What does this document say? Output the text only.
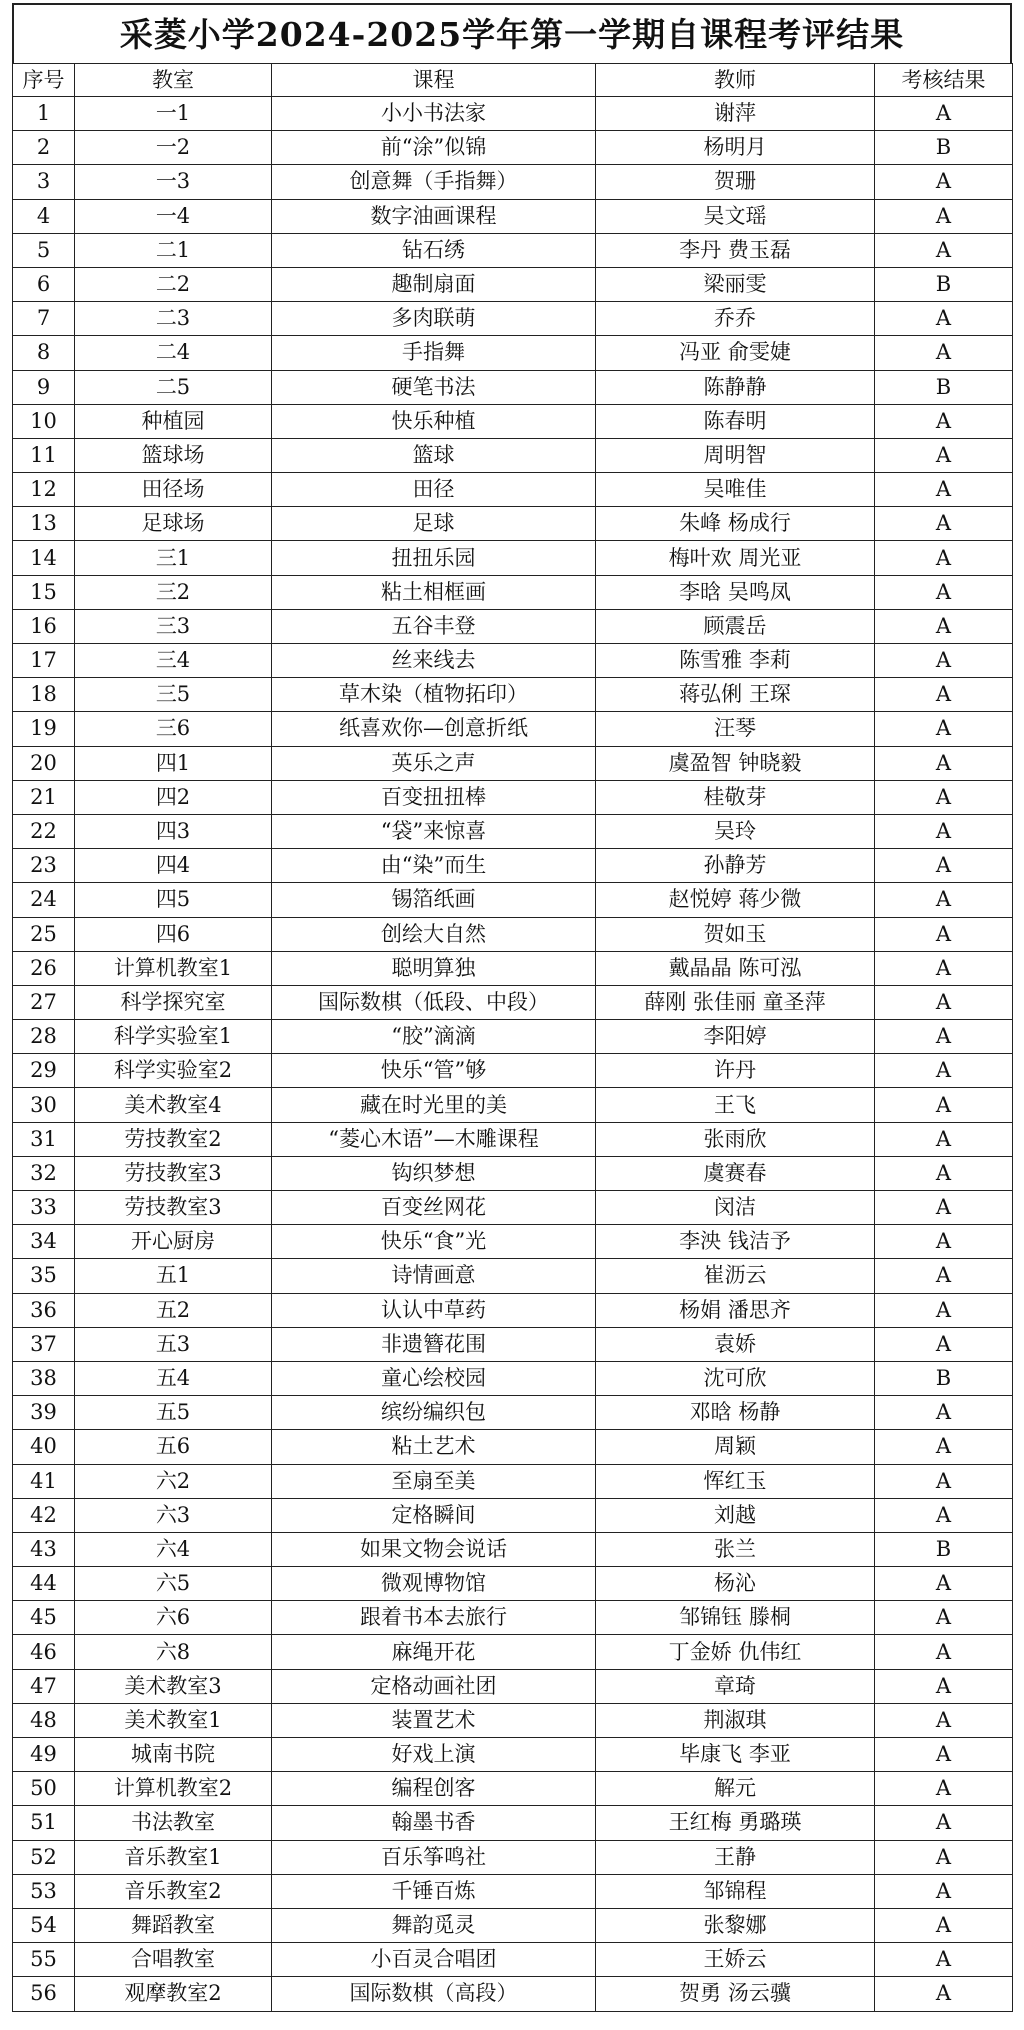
采菱小学2024-2025学年第一学期自课程考评结果
序号	教室	课程	教师	考核结果
1	一1	小小书法家	谢萍	A
2	一2	前“涂”似锦	杨明月	B
3	一3	创意舞（手指舞）	贺珊	A
4	一4	数字油画课程	吴文瑶	A
5	二1	钻石绣	李丹 费玉磊	A
6	二2	趣制扇面	梁丽雯	B
7	二3	多肉联萌	乔乔	A
8	二4	手指舞	冯亚 俞雯婕	A
9	二5	硬笔书法	陈静静	B
10	种植园	快乐种植	陈春明	A
11	篮球场	篮球	周明智	A
12	田径场	田径	吴唯佳	A
13	足球场	足球	朱峰 杨成行	A
14	三1	扭扭乐园	梅叶欢 周光亚	A
15	三2	粘土相框画	李晗 吴鸣凤	A
16	三3	五谷丰登	顾震岳	A
17	三4	丝来线去	陈雪雅 李莉	A
18	三5	草木染（植物拓印）	蒋弘俐 王琛	A
19	三6	纸喜欢你—创意折纸	汪琴	A
20	四1	英乐之声	虞盈智 钟晓毅	A
21	四2	百变扭扭棒	桂敬芽	A
22	四3	“袋”来惊喜	吴玲	A
23	四4	由“染”而生	孙静芳	A
24	四5	锡箔纸画	赵悦婷 蒋少微	A
25	四6	创绘大自然	贺如玉	A
26	计算机教室1	聪明算独	戴晶晶 陈可泓	A
27	科学探究室	国际数棋（低段、中段）	薛刚 张佳丽 童圣萍	A
28	科学实验室1	“胶”滴滴	李阳婷	A
29	科学实验室2	快乐“管”够	许丹	A
30	美术教室4	藏在时光里的美	王飞	A
31	劳技教室2	“菱心木语”—木雕课程	张雨欣	A
32	劳技教室3	钩织梦想	虞赛春	A
33	劳技教室3	百变丝网花	闵洁	A
34	开心厨房	快乐“食”光	李泱 钱洁予	A
35	五1	诗情画意	崔沥云	A
36	五2	认认中草药	杨娟 潘思齐	A
37	五3	非遗簪花围	袁娇	A
38	五4	童心绘校园	沈可欣	B
39	五5	缤纷编织包	邓晗 杨静	A
40	五6	粘土艺术	周颖	A
41	六2	至扇至美	恽红玉	A
42	六3	定格瞬间	刘越	A
43	六4	如果文物会说话	张兰	B
44	六5	微观博物馆	杨沁	A
45	六6	跟着书本去旅行	邹锦钰 滕桐	A
46	六8	麻绳开花	丁金娇 仇伟红	A
47	美术教室3	定格动画社团	章琦	A
48	美术教室1	装置艺术	荆淑琪	A
49	城南书院	好戏上演	毕康飞 李亚	A
50	计算机教室2	编程创客	解元	A
51	书法教室	翰墨书香	王红梅 勇璐瑛	A
52	音乐教室1	百乐筝鸣社	王静	A
53	音乐教室2	千锤百炼	邹锦程	A
54	舞蹈教室	舞韵觅灵	张黎娜	A
55	合唱教室	小百灵合唱团	王娇云	A
56	观摩教室2	国际数棋（高段）	贺勇 汤云骥	A
